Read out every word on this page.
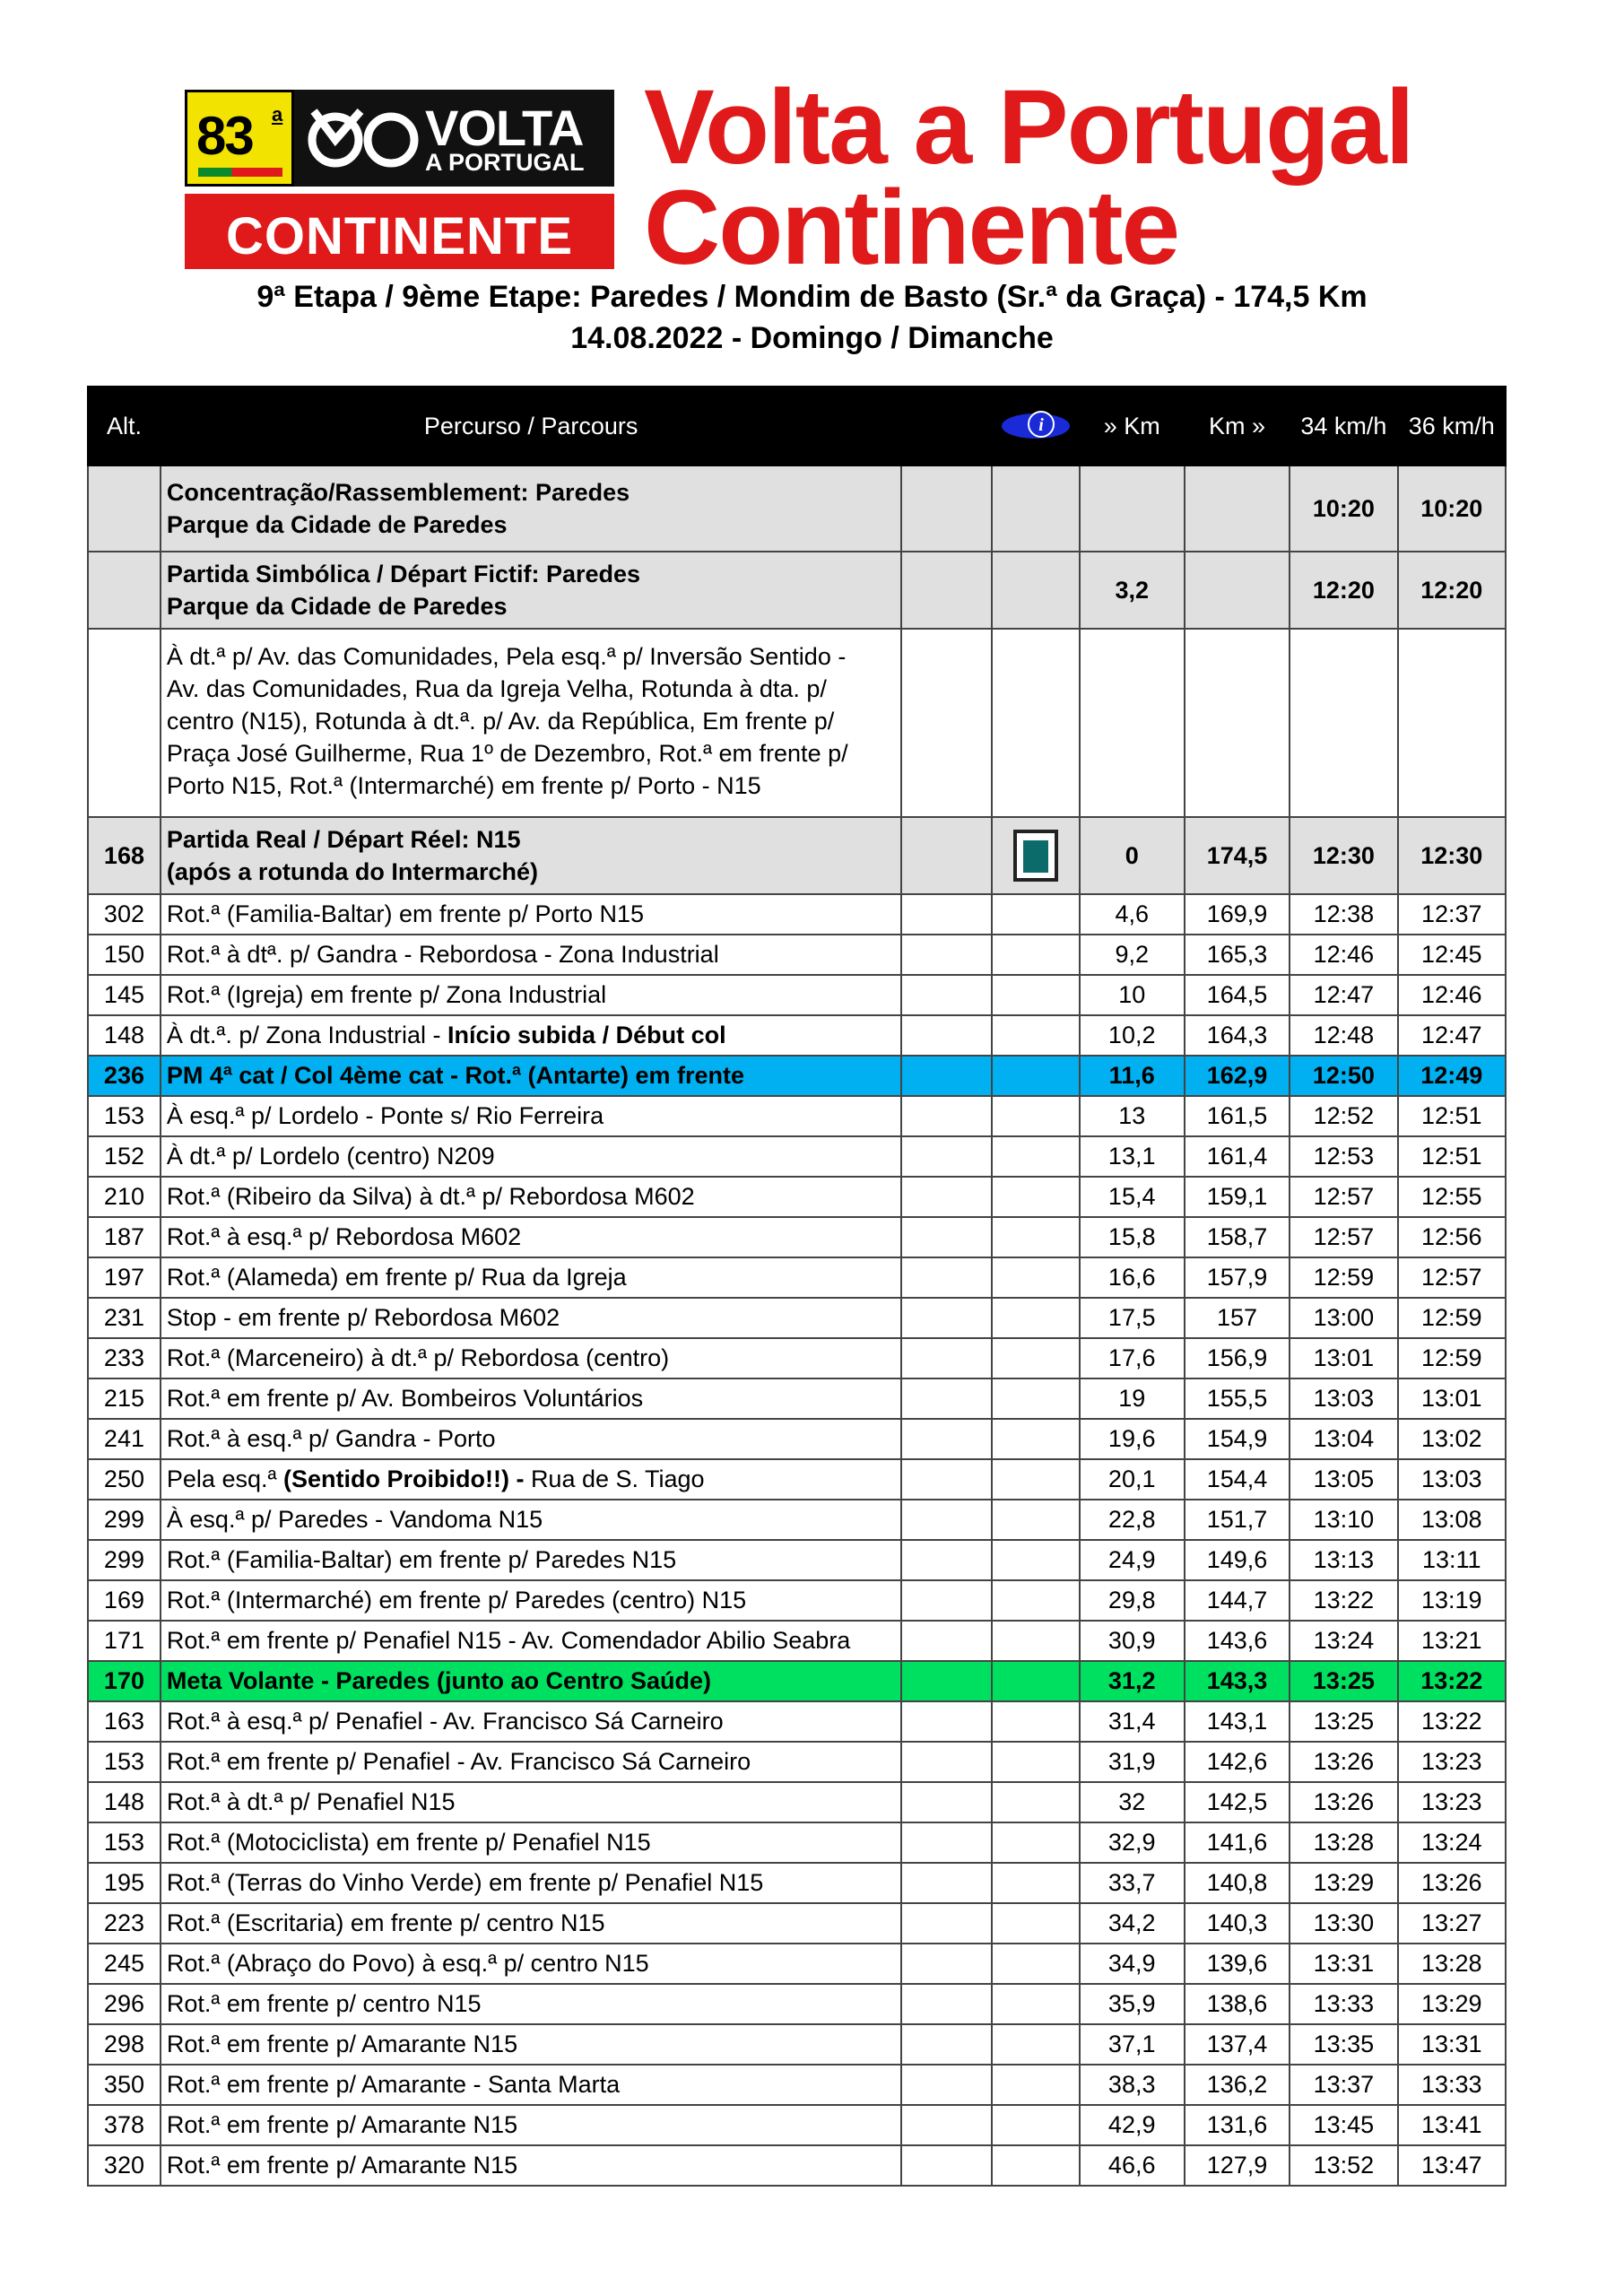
83 a	VOLTA
A PORTUGAL
CONTINENTE
Volta a Portugal
Continente
9ª Etapa / 9ème Etape: Paredes / Mondim de Basto (Sr.ª da Graça) - 174,5 Km
14.08.2022 - Domingo / Dimanche
Alt.	Percurso / Parcours		i	» Km	Km »	34 km/h	36 km/h

	Concentração/Rassemblement: Paredes
Parque da Cidade de Paredes					10:20	10:20

	Partida Simbólica / Départ Fictif: Paredes
Parque da Cidade de Paredes			3,2		12:20	12:20

	À dt.ª p/ Av. das Comunidades, Pela esq.ª p/ Inversão Sentido -
Av. das Comunidades, Rua da Igreja Velha, Rotunda à dta. p/
centro (N15), Rotunda à dt.ª. p/ Av. da República, Em frente p/
Praça José Guilherme, Rua 1º de Dezembro, Rot.ª em frente p/
Porto N15, Rot.ª (Intermarché) em frente p/ Porto - N15						

168	Partida Real / Départ Réel: N15
(após a rotunda do Intermarché)			0	174,5	12:30	12:30
302	Rot.ª (Familia-Baltar) em frente p/ Porto N15			4,6	169,9	12:38	12:37
150	Rot.ª à dtª. p/ Gandra - Rebordosa - Zona Industrial			9,2	165,3	12:46	12:45
145	Rot.ª (Igreja) em frente p/ Zona Industrial			10	164,5	12:47	12:46
148	À dt.ª. p/ Zona Industrial - Início subida / Début col			10,2	164,3	12:48	12:47
236	PM 4ª cat / Col 4ème cat - Rot.ª (Antarte) em frente			11,6	162,9	12:50	12:49
153	À esq.ª p/ Lordelo - Ponte s/ Rio Ferreira			13	161,5	12:52	12:51
152	À dt.ª p/ Lordelo (centro) N209			13,1	161,4	12:53	12:51
210	Rot.ª (Ribeiro da Silva) à dt.ª p/ Rebordosa M602			15,4	159,1	12:57	12:55
187	Rot.ª à esq.ª p/ Rebordosa M602			15,8	158,7	12:57	12:56
197	Rot.ª (Alameda) em frente p/ Rua da Igreja			16,6	157,9	12:59	12:57
231	Stop - em frente p/ Rebordosa M602			17,5	157	13:00	12:59
233	Rot.ª (Marceneiro) à dt.ª p/ Rebordosa (centro)			17,6	156,9	13:01	12:59
215	Rot.ª em frente p/ Av. Bombeiros Voluntários			19	155,5	13:03	13:01
241	Rot.ª à esq.ª p/ Gandra - Porto			19,6	154,9	13:04	13:02
250	Pela esq.ª (Sentido Proibido!!) - Rua de S. Tiago			20,1	154,4	13:05	13:03
299	À esq.ª p/ Paredes - Vandoma N15			22,8	151,7	13:10	13:08
299	Rot.ª (Familia-Baltar) em frente p/ Paredes N15			24,9	149,6	13:13	13:11
169	Rot.ª (Intermarché) em frente p/ Paredes (centro) N15			29,8	144,7	13:22	13:19
171	Rot.ª em frente p/ Penafiel N15 - Av. Comendador Abilio Seabra			30,9	143,6	13:24	13:21
170	Meta Volante - Paredes (junto ao Centro Saúde)			31,2	143,3	13:25	13:22
163	Rot.ª à esq.ª p/ Penafiel - Av. Francisco Sá Carneiro			31,4	143,1	13:25	13:22
153	Rot.ª em frente p/ Penafiel - Av. Francisco Sá Carneiro			31,9	142,6	13:26	13:23
148	Rot.ª à dt.ª p/ Penafiel N15			32	142,5	13:26	13:23
153	Rot.ª (Motociclista) em frente p/ Penafiel N15			32,9	141,6	13:28	13:24
195	Rot.ª (Terras do Vinho Verde) em frente p/ Penafiel N15			33,7	140,8	13:29	13:26
223	Rot.ª (Escritaria) em frente p/ centro N15			34,2	140,3	13:30	13:27
245	Rot.ª (Abraço do Povo) à esq.ª p/ centro N15			34,9	139,6	13:31	13:28
296	Rot.ª em frente p/ centro N15			35,9	138,6	13:33	13:29
298	Rot.ª em frente p/ Amarante N15			37,1	137,4	13:35	13:31
350	Rot.ª em frente p/ Amarante - Santa Marta			38,3	136,2	13:37	13:33
378	Rot.ª em frente p/ Amarante N15			42,9	131,6	13:45	13:41
320	Rot.ª em frente p/ Amarante N15			46,6	127,9	13:52	13:47
